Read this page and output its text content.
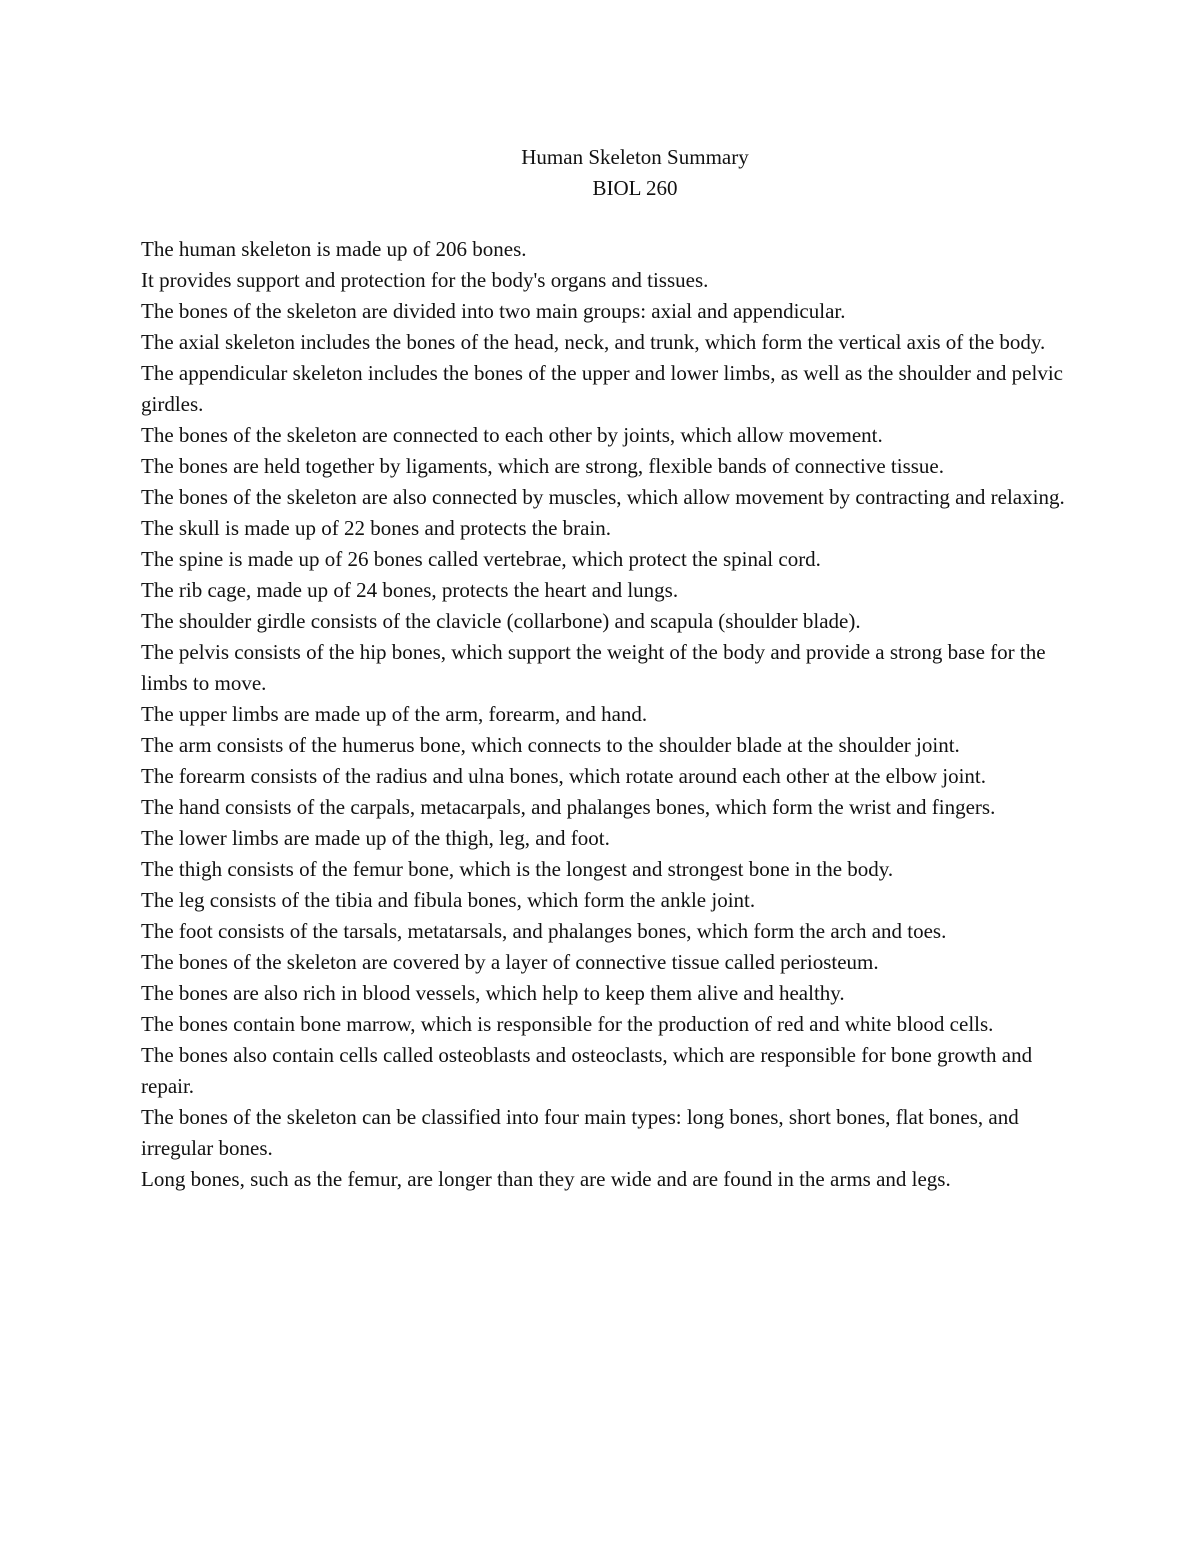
Human Skeleton Summary
BIOL 260

The human skeleton is made up of 206 bones.

It provides support and protection for the body's organs and tissues.

The bones of the skeleton are divided into two main groups: axial and appendicular.

The axial skeleton includes the bones of the head, neck, and trunk, which form the vertical axis of the body.

The appendicular skeleton includes the bones of the upper and lower limbs, as well as the shoulder and pelvic girdles.

The bones of the skeleton are connected to each other by joints, which allow movement.

The bones are held together by ligaments, which are strong, flexible bands of connective tissue.

The bones of the skeleton are also connected by muscles, which allow movement by contracting and relaxing.

The skull is made up of 22 bones and protects the brain.

The spine is made up of 26 bones called vertebrae, which protect the spinal cord.

The rib cage, made up of 24 bones, protects the heart and lungs.

The shoulder girdle consists of the clavicle (collarbone) and scapula (shoulder blade).

The pelvis consists of the hip bones, which support the weight of the body and provide a strong base for the limbs to move.

The upper limbs are made up of the arm, forearm, and hand.

The arm consists of the humerus bone, which connects to the shoulder blade at the shoulder joint.

The forearm consists of the radius and ulna bones, which rotate around each other at the elbow joint.

The hand consists of the carpals, metacarpals, and phalanges bones, which form the wrist and fingers.

The lower limbs are made up of the thigh, leg, and foot.

The thigh consists of the femur bone, which is the longest and strongest bone in the body.

The leg consists of the tibia and fibula bones, which form the ankle joint.

The foot consists of the tarsals, metatarsals, and phalanges bones, which form the arch and toes.

The bones of the skeleton are covered by a layer of connective tissue called periosteum.

The bones are also rich in blood vessels, which help to keep them alive and healthy.

The bones contain bone marrow, which is responsible for the production of red and white blood cells.

The bones also contain cells called osteoblasts and osteoclasts, which are responsible for bone growth and repair.

The bones of the skeleton can be classified into four main types: long bones, short bones, flat bones, and irregular bones.

Long bones, such as the femur, are longer than they are wide and are found in the arms and legs.
